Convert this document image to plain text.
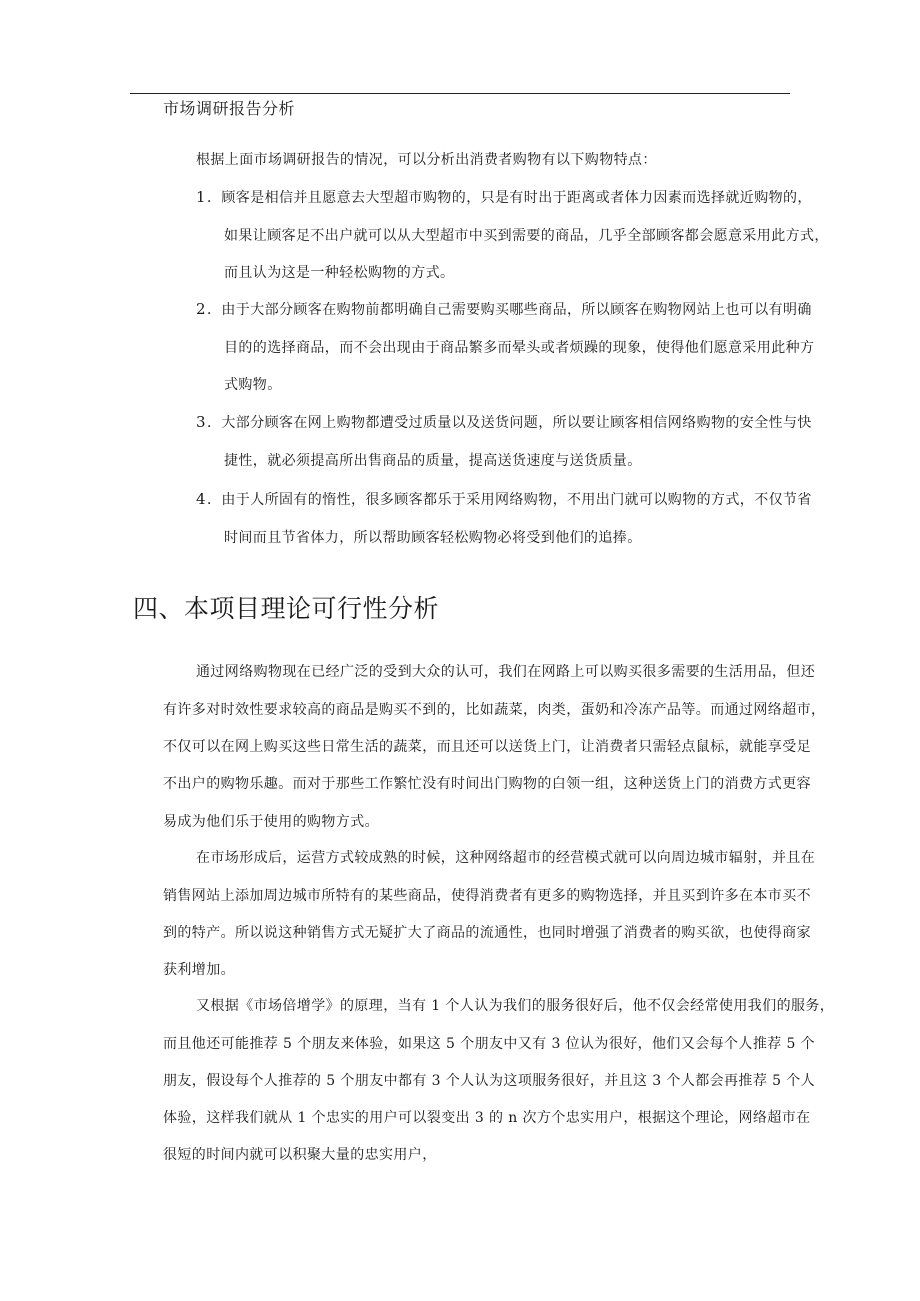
市场调研报告分析
根据上面市场调研报告的情况，可以分析出消费者购物有以下购物特点：
1 ．顾客是相信并且愿意去大型超市购物的，只是有时出于距离或者体力因素而选择就近购物的，
如果让顾客足不出户就可以从大型超市中买到需要的商品，几乎全部顾客都会愿意采用此方式，
而且认为这是一种轻松购物的方式。
2 ．由于大部分顾客在购物前都明确自己需要购买哪些商品，所以顾客在购物网站上也可以有明确
目的的选择商品，而不会出现由于商品繁多而晕头或者烦躁的现象，使得他们愿意采用此种方
式购物。
3 ．大部分顾客在网上购物都遭受过质量以及送货问题，所以要让顾客相信网络购物的安全性与快
捷性，就必须提高所出售商品的质量，提高送货速度与送货质量。
4 ．由于人所固有的惰性，很多顾客都乐于采用网络购物，不用出门就可以购物的方式，不仅节省
时间而且节省体力，所以帮助顾客轻松购物必将受到他们的追捧。
四、本项目理论可行性分析
通过网络购物现在已经广泛的受到大众的认可，我们在网路上可以购买很多需要的生活用品，但还
有许多对时效性要求较高的商品是购买不到的，比如蔬菜，肉类，蛋奶和冷冻产品等。而通过网络超市，
不仅可以在网上购买这些日常生活的蔬菜，而且还可以送货上门，让消费者只需轻点鼠标，就能享受足
不出户的购物乐趣。而对于那些工作繁忙没有时间出门购物的白领一组，这种送货上门的消费方式更容
易成为他们乐于使用的购物方式。
在市场形成后，运营方式较成熟的时候，这种网络超市的经营模式就可以向周边城市辐射，并且在
销售网站上添加周边城市所特有的某些商品，使得消费者有更多的购物选择，并且买到许多在本市买不
到的特产。所以说这种销售方式无疑扩大了商品的流通性，也同时增强了消费者的购买欲，也使得商家
获利增加。
又根据《市场倍增学》的原理，当有 1 个人认为我们的服务很好后，他不仅会经常使用我们的服务，
而且他还可能推荐 5 个朋友来体验，如果这 5 个朋友中又有 3 位认为很好，他们又会每个人推荐 5 个
朋友，假设每个人推荐的 5 个朋友中都有 3 个人认为这项服务很好，并且这 3 个人都会再推荐 5 个人
体验，这样我们就从 1 个忠实的用户可以裂变出 3 的 n 次方个忠实用户，根据这个理论，网络超市在
很短的时间内就可以积聚大量的忠实用户，
